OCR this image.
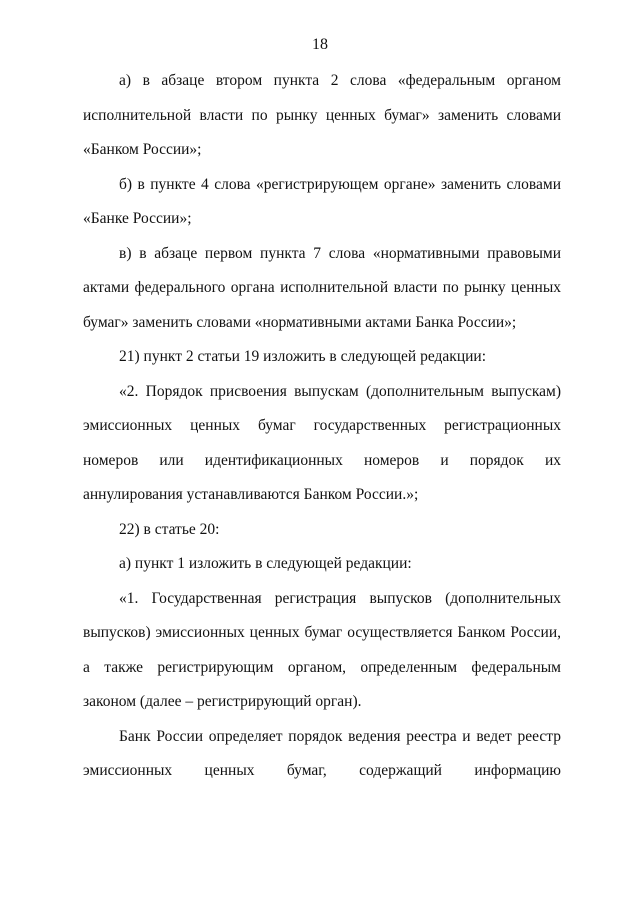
18

а) в абзаце втором пункта 2 слова «федеральным органом исполнительной власти по рынку ценных бумаг» заменить словами «Банком России»;

б) в пункте 4 слова «регистрирующем органе» заменить словами «Банке России»;

в) в абзаце первом пункта 7 слова «нормативными правовыми актами федерального органа исполнительной власти по рынку ценных бумаг» заменить словами «нормативными актами Банка России»;

21) пункт 2 статьи 19 изложить в следующей редакции:

«2. Порядок присвоения выпускам (дополнительным выпускам) эмиссионных ценных бумаг государственных регистрационных номеров или идентификационных номеров и порядок их аннулирования устанавливаются Банком России.»;

22) в статье 20:

а) пункт 1 изложить в следующей редакции:

«1. Государственная регистрация выпусков (дополнительных выпусков) эмиссионных ценных бумаг осуществляется Банком России, а также регистрирующим органом, определенным федеральным законом (далее – регистрирующий орган).

Банк России определяет порядок ведения реестра и ведет реестр эмиссионных ценных бумаг, содержащий информацию
